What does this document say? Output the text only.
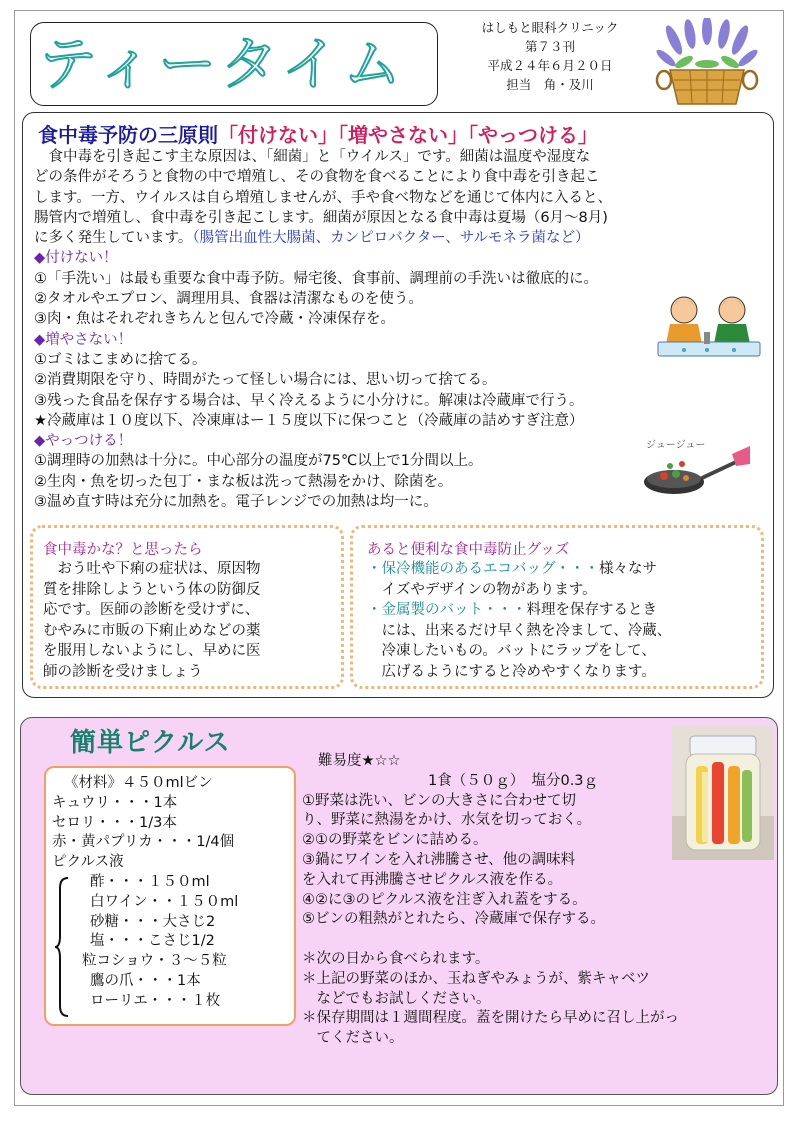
ティータイム
はしもと眼科クリニック
第７３刊
平成２４年６月２０日
担当　角・及川
食中毒予防の三原則「付けない」「増やさない」「やっつける」

　食中毒を引き起こす主な原因は、「細菌」と「ウイルス」です。細菌は温度や湿度な

どの条件がそろうと食物の中で増殖し、その食物を食べることにより食中毒を引き起こ

します。一方、ウイルスは自ら増殖しませんが、手や食べ物などを通じて体内に入ると、

腸管内で増殖し、食中毒を引き起こします。細菌が原因となる食中毒は夏場（6月～8月)

に多く発生しています。（腸管出血性大腸菌、カンピロバクター、サルモネラ菌など）

◆付けない！

①「手洗い」は最も重要な食中毒予防。帰宅後、食事前、調理前の手洗いは徹底的に。

②タオルやエプロン、調理用具、食器は清潔なものを使う。

③肉・魚はそれぞれきちんと包んで冷蔵・冷凍保存を。

◆増やさない！

①ゴミはこまめに捨てる。

②消費期限を守り、時間がたって怪しい場合には、思い切って捨てる。

③残った食品を保存する場合は、早く冷えるように小分けに。解凍は冷蔵庫で行う。

★冷蔵庫は１０度以下、冷凍庫はー１５度以下に保つこと（冷蔵庫の詰めすぎ注意）

◆やっつける！

①調理時の加熱は十分に。中心部分の温度が75℃以上で1分間以上。

②生肉・魚を切った包丁・まな板は洗って熱湯をかけ、除菌を。

③温め直す時は充分に加熱を。電子レンジでの加熱は均一に。

ジュージュー
食中毒かな？と思ったら
　おう吐や下痢の症状は、原因物
質を排除しようという体の防御反
応です。医師の診断を受けずに、
むやみに市販の下痢止めなどの薬
を服用しないようにし、早めに医
師の診断を受けましょう
あると便利な食中毒防止グッズ
・保冷機能のあるエコバッグ・・・様々なサ
　イズやデザインの物があります。
・金属製のバット・・・料理を保存するとき
　には、出来るだけ早く熱を冷まして、冷蔵、
　冷凍したいもの。バットにラップをして、
　広げるようにすると冷めやすくなります。
簡単ピクルス
《材料》４５０mlビン
キュウリ・・・1本
セロリ・・・1/3本
赤・黄パプリカ・・・1/4個
ピクルス液
酢・・・１５０ml
白ワイン・・１５０ml
砂糖・・・大さじ2
塩・・・こさじ1/2
粒コショウ・３～５粒
鷹の爪・・・1本
ローリエ・・・１枚
難易度★☆☆
1食（５０ｇ）　塩分0.3ｇ
①野菜は洗い、ビンの大きさに合わせて切
り、野菜に熱湯をかけ、水気を切っておく。
②①の野菜をビンに詰める。
③鍋にワインを入れ沸騰させ、他の調味料
を入れて再沸騰させピクルス液を作る。
④②に③のピクルス液を注ぎ入れ蓋をする。
⑤ビンの粗熱がとれたら、冷蔵庫で保存する。
＊次の日から食べられます。
＊上記の野菜のほか、玉ねぎやみょうが、紫キャベツ
　などでもお試しください。
＊保存期間は１週間程度。蓋を開けたら早めに召し上がっ
　てください。
